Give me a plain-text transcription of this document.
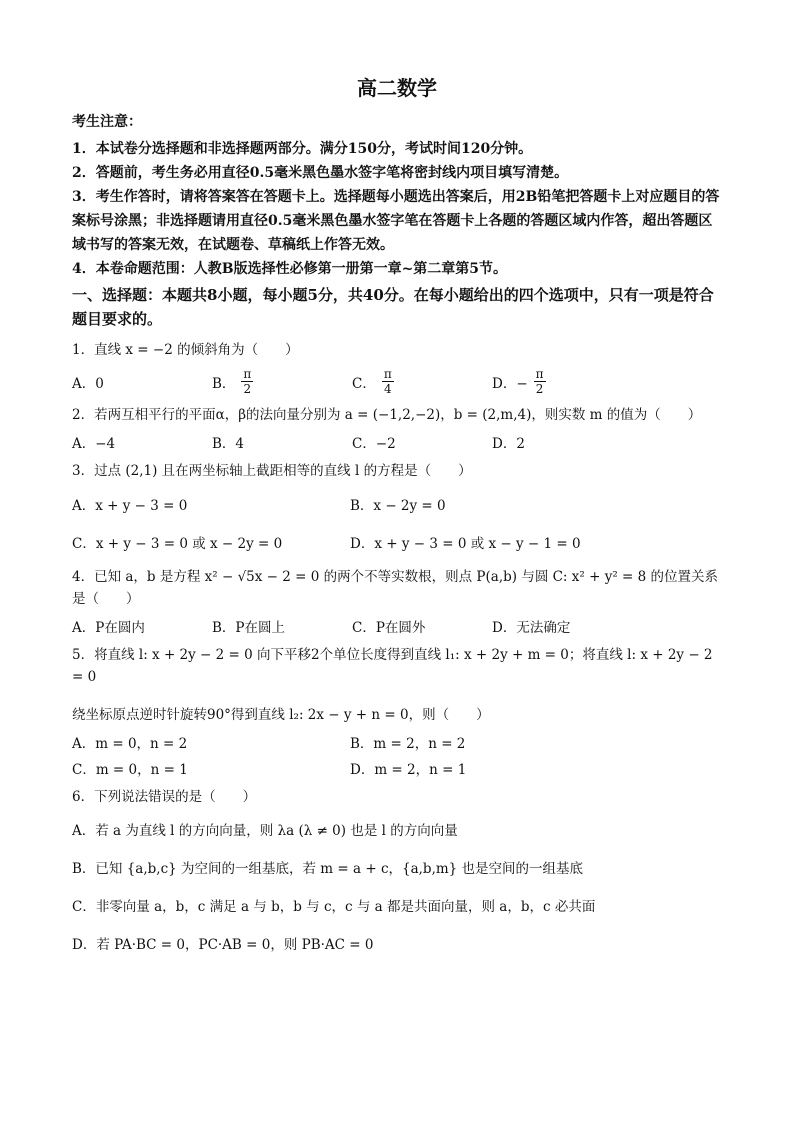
高二数学
考生注意：

1．本试卷分选择题和非选择题两部分。满分150分，考试时间120分钟。

2．答题前，考生务必用直径0.5毫米黑色墨水签字笔将密封线内项目填写清楚。

3．考生作答时，请将答案答在答题卡上。选择题每小题选出答案后，用2B铅笔把答题卡上对应题目的答案标号涂黑；非选择题请用直径0.5毫米黑色墨水签字笔在答题卡上各题的答题区域内作答，超出答题区域书写的答案无效，在试题卷、草稿纸上作答无效。

4．本卷命题范围：人教B版选择性必修第一册第一章~第二章第5节。

一、选择题：本题共8小题，每小题5分，共40分。在每小题给出的四个选项中，只有一项是符合题目要求的。
1．直线 x = −2 的倾斜角为（　　）
A．0	B． $\frac{\pi}{2}$	C． $\frac{\pi}{4}$	D．− $\frac{\pi}{2}$
2．若两互相平行的平面α，β的法向量分别为 a = (−1,2,−2)，b = (2,m,4)，则实数 m 的值为（　　）
A．−4	B．4	C．−2	D．2
3．过点 (2,1) 且在两坐标轴上截距相等的直线 l 的方程是（　　）
A．x + y − 3 = 0	B．x − 2y = 0
C．x + y − 3 = 0 或 x − 2y = 0	D．x + y − 3 = 0 或 x − y − 1 = 0
4．已知 a，b 是方程 x² − √5x − 2 = 0 的两个不等实数根，则点 P(a,b) 与圆 C: x² + y² = 8 的位置关系是（　　）
A．P在圆内	B．P在圆上	C．P在圆外	D．无法确定
5．将直线 l: x + 2y − 2 = 0 向下平移2个单位长度得到直线 l₁: x + 2y + m = 0；将直线 l: x + 2y − 2 = 0
绕坐标原点逆时针旋转90°得到直线 l₂: 2x − y + n = 0，则（　　）
A．m = 0，n = 2	B．m = 2，n = 2
C．m = 0，n = 1	D．m = 2，n = 1
6．下列说法错误的是（　　）
A．若 a 为直线 l 的方向向量，则 λa (λ ≠ 0) 也是 l 的方向向量
B．已知 {a,b,c} 为空间的一组基底，若 m = a + c，{a,b,m} 也是空间的一组基底
C．非零向量 a，b，c 满足 a 与 b，b 与 c，c 与 a 都是共面向量，则 a，b，c 必共面
D．若 PA·BC = 0，PC·AB = 0，则 PB·AC = 0
